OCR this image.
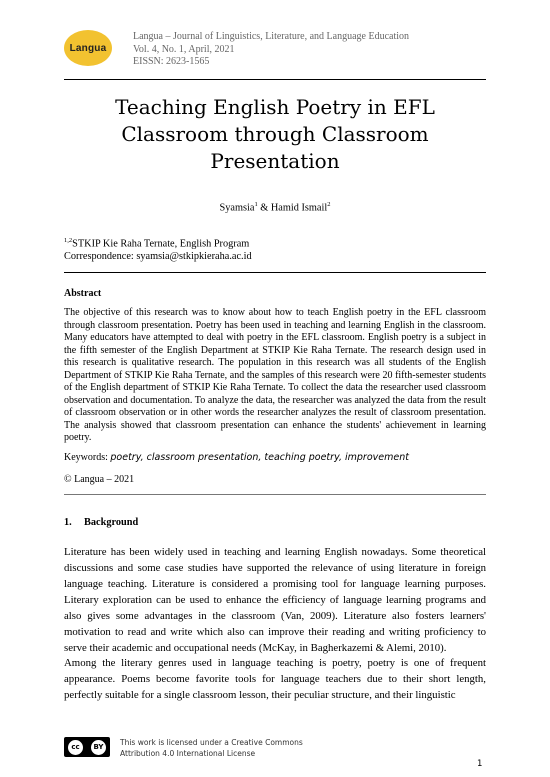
Langua
Langua – Journal of Linguistics, Literature, and Language Education
Vol. 4, No. 1, April, 2021
EISSN: 2623-1565
Teaching English Poetry in EFL
Classroom through Classroom
Presentation
Syamsia$^1$ & Hamid Ismail$^2$
$^{1,2}$STKIP Kie Raha Ternate, English Program
Correspondence: syamsia@stkipkieraha.ac.id
Abstract
The objective of this research was to know about how to teach English poetry in the EFL classroom through classroom presentation. Poetry has been used in teaching and learning English in the classroom. Many educators have attempted to deal with poetry in the EFL classroom. English poetry is a subject in the fifth semester of the English Department at STKIP Kie Raha Ternate. The research design used in this research is qualitative research. The population in this research was all students of the English Department of STKIP Kie Raha Ternate, and the samples of this research were 20 fifth-semester students of the English department of STKIP Kie Raha Ternate. To collect the data the researcher used classroom observation and documentation. To analyze the data, the researcher was analyzed the data from the result of classroom observation or in other words the researcher analyzes the result of classroom presentation. The analysis showed that classroom presentation can enhance the students' achievement in learning poetry.
Keywords: poetry, classroom presentation, teaching poetry, improvement
© Langua – 2021
1. Background
Literature has been widely used in teaching and learning English nowadays. Some theoretical discussions and some case studies have supported the relevance of using literature in foreign language teaching. Literature is considered a promising tool for language learning purposes. Literary exploration can be used to enhance the efficiency of language learning programs and also gives some advantages in the classroom (Van, 2009). Literature also fosters learners' motivation to read and write which also can improve their reading and writing proficiency to serve their academic and occupational needs (McKay, in Bagherkazemi & Alemi, 2010).
Among the literary genres used in language teaching is poetry, poetry is one of frequent appearance. Poems become favorite tools for language teachers due to their short length, perfectly suitable for a single classroom lesson, their peculiar structure, and their linguistic
cc	BY	This work is licensed under a Creative Commons
Attribution 4.0 International License
1
